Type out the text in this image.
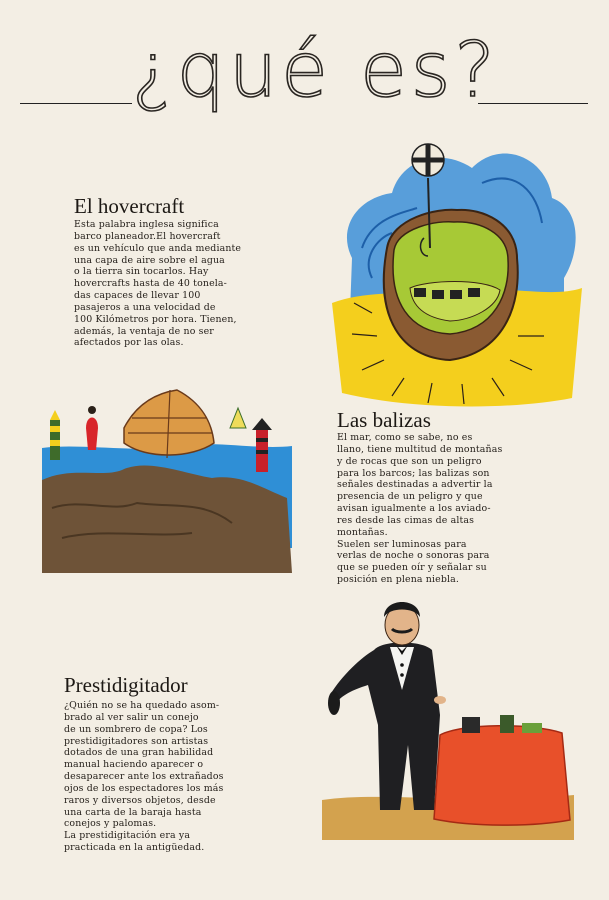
¿qué es?
El hovercraft
Esta palabra inglesa significa
barco planeador.El hovercraft
es un vehículo que anda mediante
una capa de aire sobre el agua
o la tierra sin tocarlos. Hay
hovercrafts hasta de 40 tonela-
das capaces de llevar 100
pasajeros a una velocidad de
100 Kilómetros por hora. Tienen,
además, la ventaja de no ser
afectados por las olas.
Las balizas
El mar, como se sabe, no es
llano, tiene multitud de montañas
y de rocas que son un peligro
para los barcos; las balizas son
señales destinadas a advertir la
presencia de un peligro y que
avisan igualmente a los aviado-
res desde las cimas de altas
montañas.
Suelen ser luminosas para
verlas de noche o sonoras para
que se pueden oír y señalar su
posición en plena niebla.
Prestidigitador
¿Quién no se ha quedado asom-
brado al ver salir un conejo
de un sombrero de copa? Los
prestidigitadores son artistas
dotados de una gran habilidad
manual haciendo aparecer o
desaparecer ante los extrañados
ojos de los espectadores los más
raros y diversos objetos, desde
una carta de la baraja hasta
conejos y palomas.
La prestidigitación era ya
practicada en la antigüedad.
